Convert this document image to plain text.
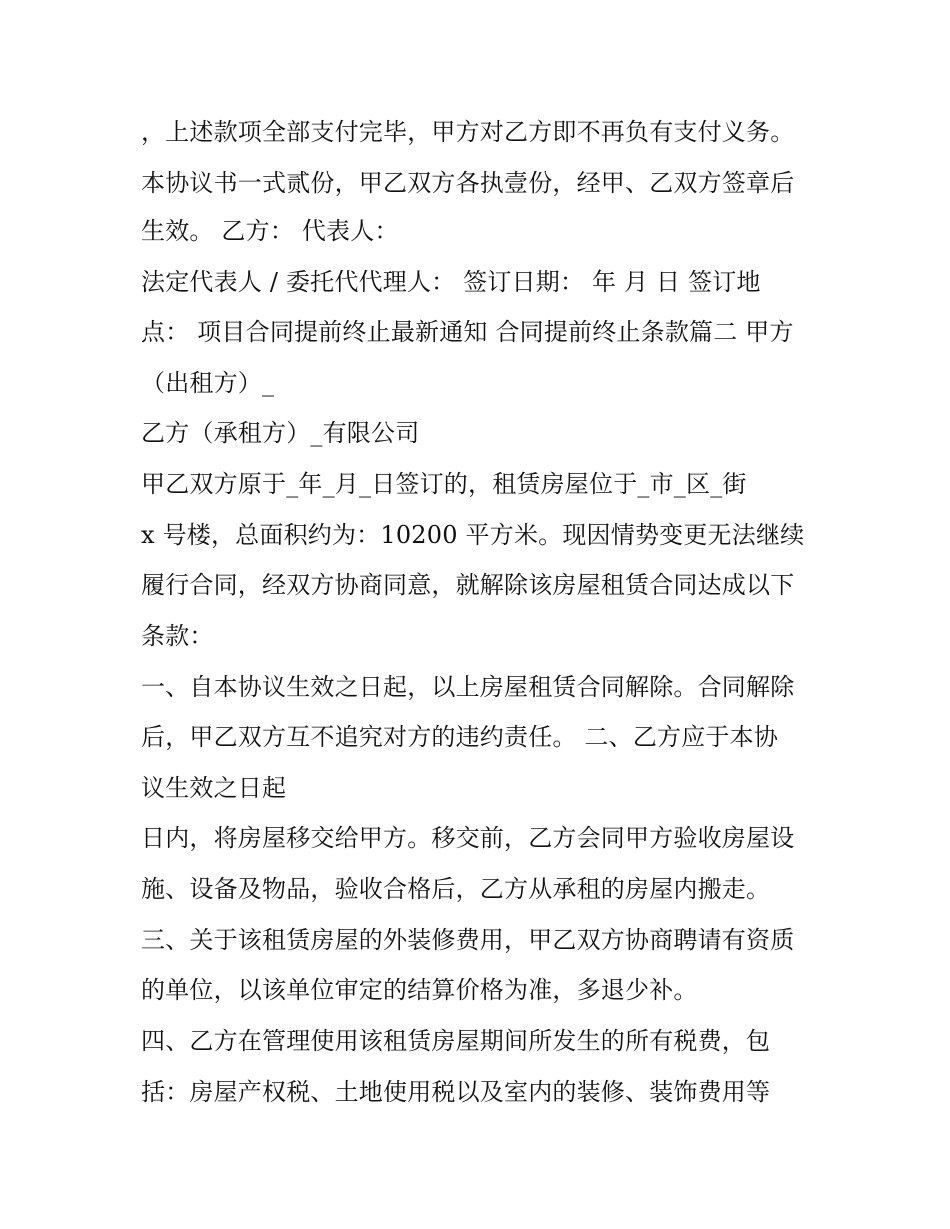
，上述款项全部支付完毕，甲方对乙方即不再负有支付义务。
本协议书一式贰份，甲乙双方各执壹份，经甲、乙双方签章后
生效。 乙方： 代表人：
法定代表人 / 委托代代理人： 签订日期： 年 月 日 签订地
点： 项目合同提前终止最新通知 合同提前终止条款篇二 甲方
（出租方）_
乙方（承租方）_有限公司
甲乙双方原于_年_月_日签订的，租赁房屋位于_市_区_街
x 号楼，总面积约为：10200 平方米。现因情势变更无法继续
履行合同，经双方协商同意，就解除该房屋租赁合同达成以下
条款：
一、自本协议生效之日起，以上房屋租赁合同解除。合同解除
后，甲乙双方互不追究对方的违约责任。 二、乙方应于本协
议生效之日起
日内，将房屋移交给甲方。移交前，乙方会同甲方验收房屋设
施、设备及物品，验收合格后，乙方从承租的房屋内搬走。
三、关于该租赁房屋的外装修费用，甲乙双方协商聘请有资质
的单位，以该单位审定的结算价格为准，多退少补。
四、乙方在管理使用该租赁房屋期间所发生的所有税费，包
括：房屋产权税、土地使用税以及室内的装修、装饰费用等
